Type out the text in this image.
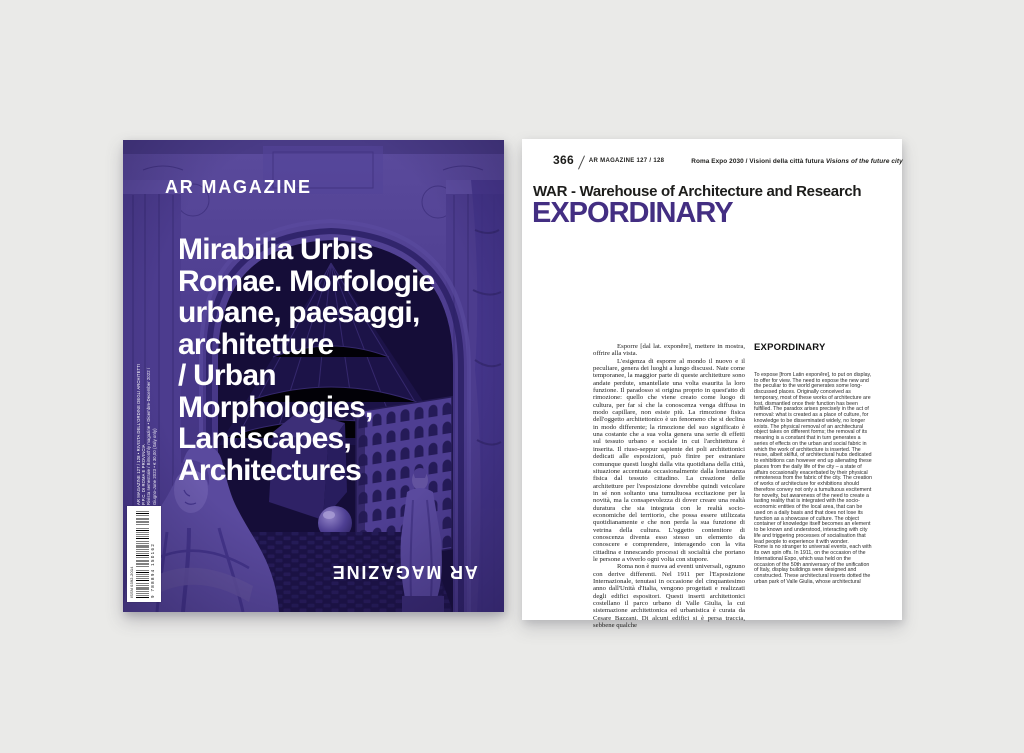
AR MAGAZINE
Mirabilia Urbis
Romae. Morfologie
urbane, paesaggi,
architetture
/ Urban
Morphologies,
Landscapes,
Architectures
AR MAGAZINE
AR MAGAZINE 127 / 128 • RIVISTA DELL'ORDINE DEGLI ARCHITETTI P.P.C. DI ROMA E PROVINCIA Rivista semestrale / Bimonthly magazine • Dicembre-December 2022 / Giugno-June 2023 • € 30,00 (Italy only)
ISSN 0392-2014	9 788894 150162
366	AR MAGAZINE 127 / 128	Roma Expo 2030 / Visioni della città futura Visions of the future city
WAR - Warehouse of Architecture and Research
EXPORDINARY

Esporre [dal lat. exponĕre], mettere in mostra, offrire alla vista.

L'esigenza di esporre al mondo il nuovo e il peculiare, genera dei luoghi a lungo discussi. Nate come temporanee, la maggior parte di queste architetture sono andate perdute, smantellate una volta esaurita la loro funzione. Il paradosso si origina proprio in quest'atto di rimozione: quello che viene creato come luogo di cultura, per far sì che la conoscenza venga diffusa in modo capillare, non esiste più. La rimozione fisica dell'oggetto architettonico è un fenomeno che si declina in modo differente; la rimozione del suo significato è una costante che a sua volta genera una serie di effetti sul tessuto urbano e sociale in cui l'architettura è inserita. Il riuso-seppur sapiente dei poli architettonici dedicati alle esposizioni, può finire per estraniare comunque questi luoghi dalla vita quotidiana della città, situazione accentuata occasionalmente dalla lontananza fisica dal tessuto cittadino. La creazione delle architetture per l'esposizione dovrebbe quindi veicolare in sé non soltanto una tumultuosa eccitazione per la novità, ma la consapevolezza di dover creare una realtà duratura che sia integrata con le realtà socio-economiche del territorio, che possa essere utilizzata quotidianamente e che non perda la sua funzione di vetrina della cultura. L'oggetto contenitore di conoscenza diventa esso stesso un elemento da conoscere e comprendere, interagendo con la vita cittadina e innescando processi di socialità che portano le persone a viverlo ogni volta con stupore.

Roma non è nuova ad eventi universali, ognuno con derive differenti. Nel 1911 per l'Esposizione Internazionale, tenutasi in occasione del cinquantesimo anno dall'Unità d'Italia, vengono progettati e realizzati degli edifici espositori. Questi inserti architettonici costellano il parco urbano di Valle Giulia, la cui sistemazione architettonica ed urbanistica è curata da Cesare Bazzani. Di alcuni edifici si è persa traccia, sebbene qualche

EXPORDINARY

To expose [from Latin exponĕre], to put on display, to offer for view. The need to expose the new and the peculiar to the world generates some long-discussed places. Originally conceived as temporary, most of these works of architecture are lost, dismantled once their function has been fulfilled. The paradox arises precisely in the act of removal: what is created as a place of culture, for knowledge to be disseminated widely, no longer exists. The physical removal of an architectural object takes on different forms; the removal of its meaning is a constant that in turn generates a series of effects on the urban and social fabric in which the work of architecture is inserted. The reuse, albeit skilful, of architectural hubs dedicated to exhibitions can however end up alienating these places from the daily life of the city – a state of affairs occasionally exacerbated by their physical remoteness from the fabric of the city. The creation of works of architecture for exhibitions should therefore convey not only a tumultuous excitement for novelty, but awareness of the need to create a lasting reality that is integrated with the socio-economic entities of the local area, that can be used on a daily basis and that does not lose its function as a showcase of culture. The object container of knowledge itself becomes an element to be known and understood, interacting with city life and triggering processes of socialisation that lead people to experience it with wonder.

Rome is no stranger to universal events, each with its own spin offs. In 1911, on the occasion of the International Expo, which was held on the occasion of the 50th anniversary of the unification of Italy, display buildings were designed and constructed. These architectural inserts dotted the urban park of Valle Giulia, whose architectural
